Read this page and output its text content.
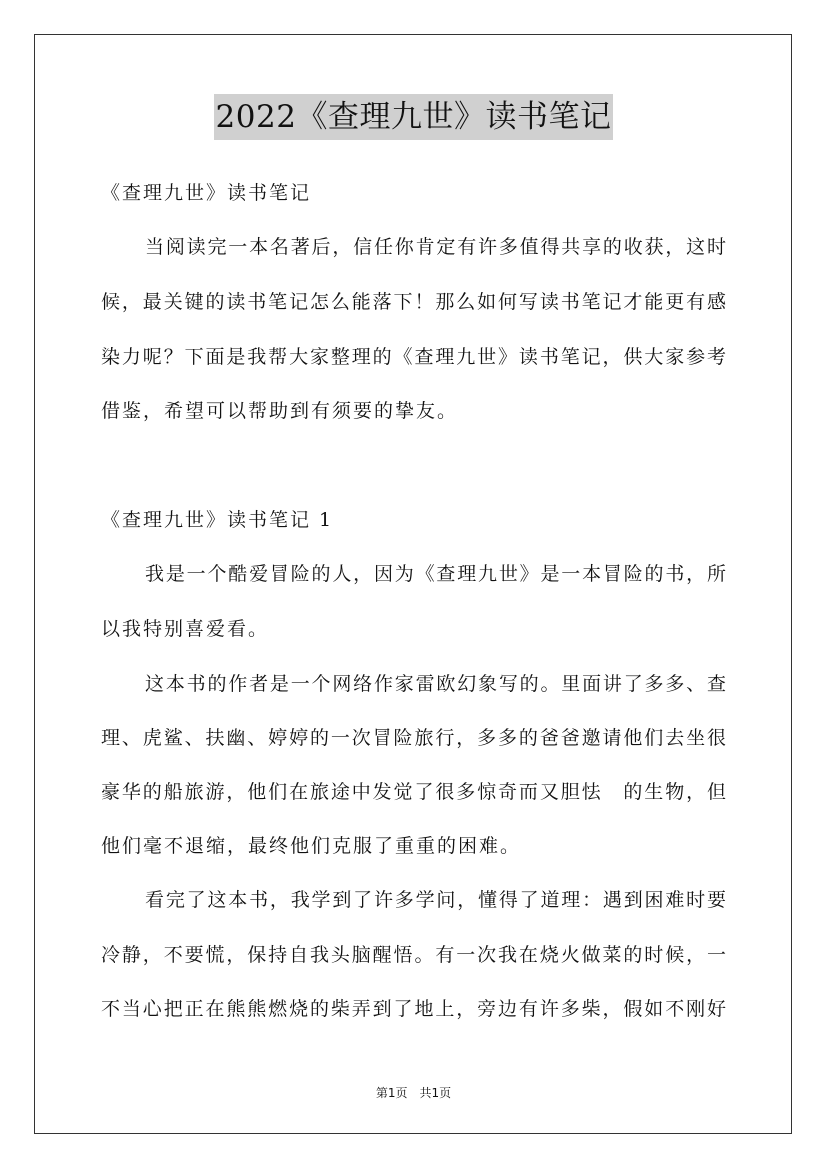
2022《查理九世》读书笔记
《查理九世》读书笔记
当阅读完一本名著后，信任你肯定有许多值得共享的收获，这时
候，最关键的读书笔记怎么能落下！那么如何写读书笔记才能更有感
染力呢？下面是我帮大家整理的《查理九世》读书笔记，供大家参考
借鉴，希望可以帮助到有须要的挚友。
《查理九世》读书笔记 1
我是一个酷爱冒险的人，因为《查理九世》是一本冒险的书，所
以我特别喜爱看。
这本书的作者是一个网络作家雷欧幻象写的。里面讲了多多、查
理、虎鲨、扶幽、婷婷的一次冒险旅行，多多的爸爸邀请他们去坐很
豪华的船旅游，他们在旅途中发觉了很多惊奇而又胆怯　的生物，但
他们毫不退缩，最终他们克服了重重的困难。
看完了这本书，我学到了许多学问，懂得了道理：遇到困难时要
冷静，不要慌，保持自我头脑醒悟。有一次我在烧火做菜的时候，一
不当心把正在熊熊燃烧的柴弄到了地上，旁边有许多柴，假如不刚好
第1页　共1页
